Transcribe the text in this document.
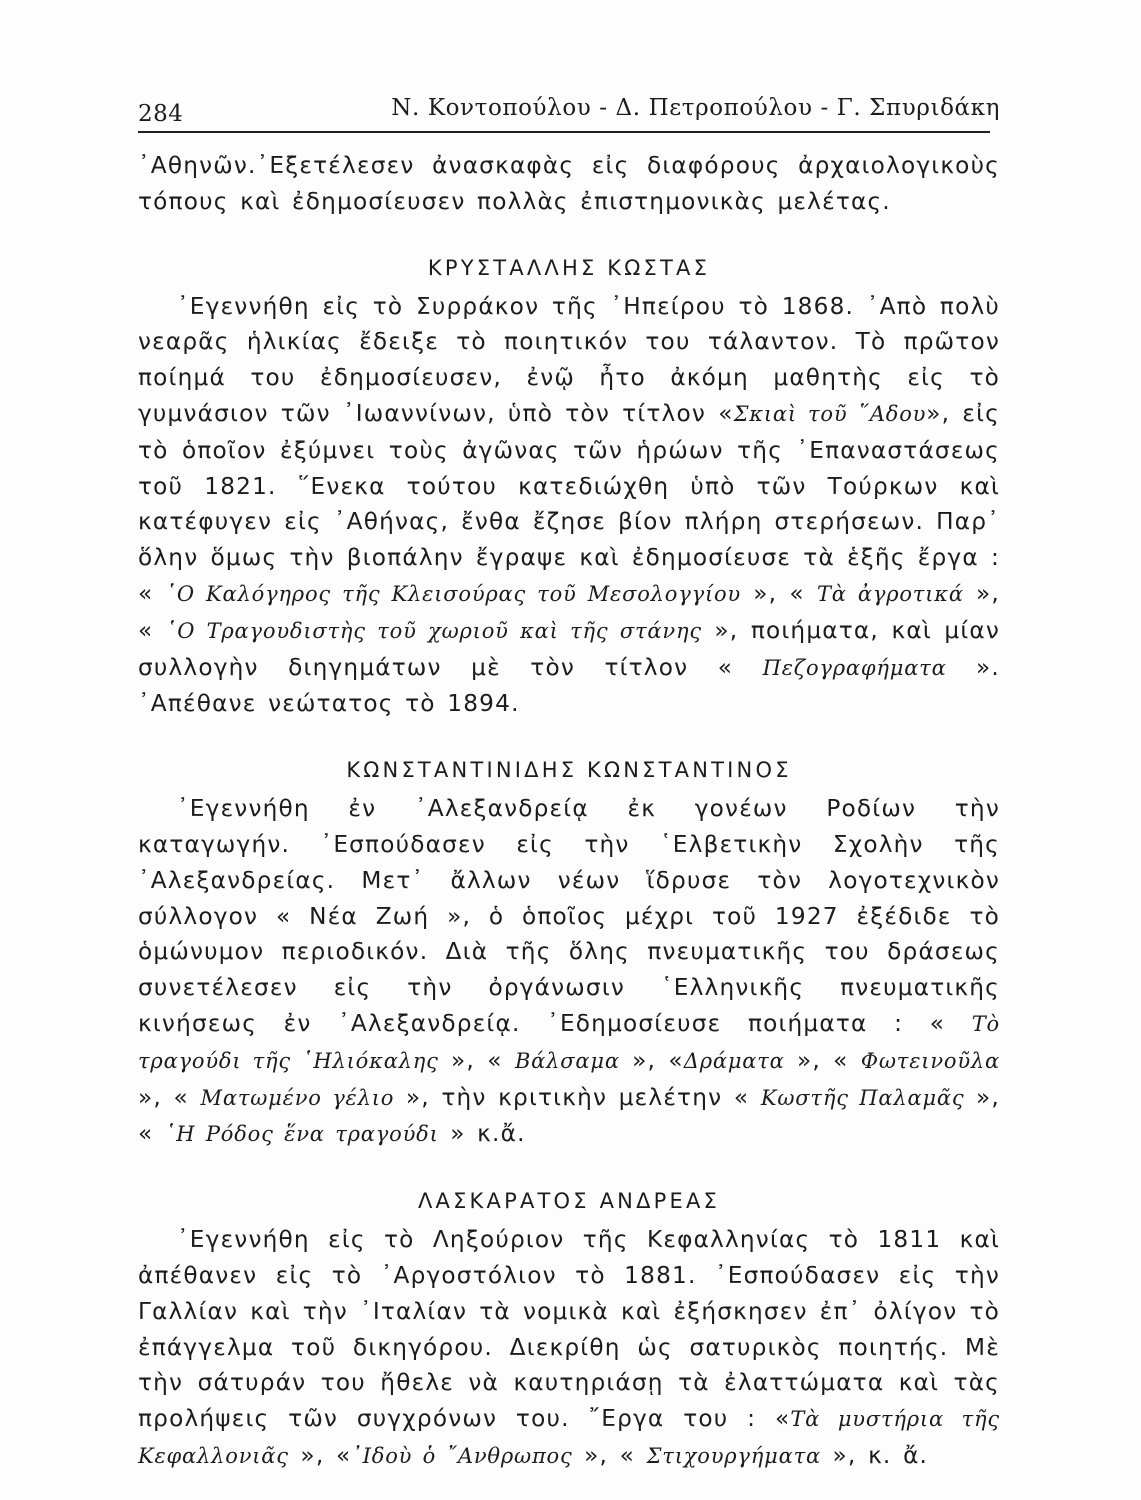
284	Ν. Κοντοπούλου - Δ. Πετροπούλου - Γ. Σπυριδάκη

᾿Αθηνῶν.᾿Εξετέλεσεν ἀνασκαφὰς εἰς διαφόρους ἀρχαιολογικοὺς τόπους καὶ ἐδημοσίευσεν πολλὰς ἐπιστημονικὰς μελέτας.

ΚΡΥΣΤΑΛΛΗΣ ΚΩΣΤΑΣ

᾿Εγεννήθη εἰς τὸ Συρράκον τῆς ᾿Ηπείρου τὸ 1868. ᾿Απὸ πολὺ νεαρᾶς ἡλικίας ἔδειξε τὸ ποιητικόν του τάλαντον. Τὸ πρῶτον ποίημά του ἐδημοσίευσεν, ἐνῷ ἦτο ἀκόμη μαθητὴς εἰς τὸ γυμνάσιον τῶν ᾿Ιωαννίνων, ὑπὸ τὸν τίτλον «Σκιαὶ τοῦ ῞Αδου», εἰς τὸ ὁποῖον ἐξύμνει τοὺς ἀγῶνας τῶν ἡρώων τῆς ᾿Επαναστάσεως τοῦ 1821. ῞Ενεκα τούτου κατεδιώχθη ὑπὸ τῶν Τούρκων καὶ κατέφυγεν εἰς ᾿Αθήνας, ἔνθα ἔζησε βίον πλήρη στερήσεων. Παρ᾿ ὅλην ὅμως τὴν βιοπάλην ἔγραψε καὶ ἐδημοσίευσε τὰ ἑξῆς ἔργα : « ῾Ο Καλόγηρος τῆς Κλεισούρας τοῦ Μεσολογγίου », « Τὰ ἀγροτικά », « ῾Ο Τραγουδιστὴς τοῦ χωριοῦ καὶ τῆς στάνης », ποιήματα, καὶ μίαν συλλογὴν διηγημάτων μὲ τὸν τίτλον « Πεζογραφήματα ». ᾿Απέθανε νεώτατος τὸ 1894.

ΚΩΝΣΤΑΝΤΙΝΙΔΗΣ ΚΩΝΣΤΑΝΤΙΝΟΣ

᾿Εγεννήθη ἐν ᾿Αλεξανδρείᾳ ἐκ γονέων Ροδίων τὴν καταγωγήν. ᾿Εσπούδασεν εἰς τὴν ῾Ελβετικὴν Σχολὴν τῆς ᾿Αλεξανδρείας. Μετ᾿ ἄλλων νέων ἵδρυσε τὸν λογοτεχνικὸν σύλλογον « Νέα Ζωή », ὁ ὁποῖος μέχρι τοῦ 1927 ἐξέδιδε τὸ ὁμώνυμον περιοδικόν. Διὰ τῆς ὅλης πνευματικῆς του δράσεως συνετέλεσεν εἰς τὴν ὀργάνωσιν ῾Ελληνικῆς πνευματικῆς κινήσεως ἐν ᾿Αλεξανδρείᾳ. ᾿Εδημοσίευσε ποιήματα : « Τὸ τραγούδι τῆς ῾Ηλιόκαλης », « Βάλσαμα », «Δράματα », « Φωτεινοῦλα », « Ματωμένο γέλιο », τὴν κριτικὴν μελέτην « Κωστῆς Παλαμᾶς », « ῾Η Ρόδος ἕνα τραγούδι » κ.ἄ.

ΛΑΣΚΑΡΑΤΟΣ ΑΝΔΡΕΑΣ

᾿Εγεννήθη εἰς τὸ Ληξούριον τῆς Κεφαλληνίας τὸ 1811 καὶ ἀπέθανεν εἰς τὸ ᾿Αργοστόλιον τὸ 1881. ᾿Εσπούδασεν εἰς τὴν Γαλλίαν καὶ τὴν ᾿Ιταλίαν τὰ νομικὰ καὶ ἐξήσκησεν ἐπ᾿ ὀλίγον τὸ ἐπάγγελμα τοῦ δικηγόρου. Διεκρίθη ὡς σατυρικὸς ποιητής. Μὲ τὴν σάτυράν του ἤθελε νὰ καυτηριάσῃ τὰ ἐλαττώματα καὶ τὰς προλήψεις τῶν συγχρόνων του. ῎Εργα του : «Τὰ μυστήρια τῆς Κεφαλλονιᾶς », «᾿Ιδοὺ ὁ ῎Ανθρωπος », « Στιχουργήματα », κ. ἄ.
